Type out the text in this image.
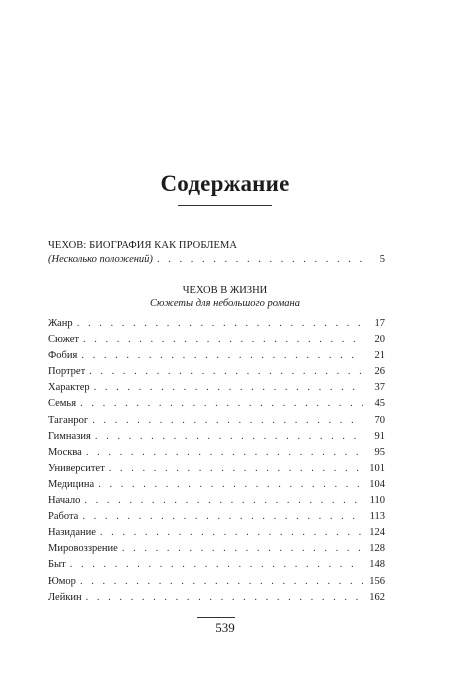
Содержание
ЧЕХОВ: БИОГРАФИЯ КАК ПРОБЛЕМА
(Несколько положений) . . .	5
ЧЕХОВ В ЖИЗНИ
Сюжеты для небольшого романа
Жанр . . .	17
Сюжет . . .	20
Фобия . . .	21
Портрет . . .	26
Характер . . .	37
Семья . . .	45
Таганрог . . .	70
Гимназия . . .	91
Москва . . .	95
Университет . . .	101
Медицина . . .	104
Начало . . .	110
Работа . . .	113
Назидание . . .	124
Мировоззрение . . .	128
Быт . . .	148
Юмор . . .	156
Лейкин . . .	162
539
